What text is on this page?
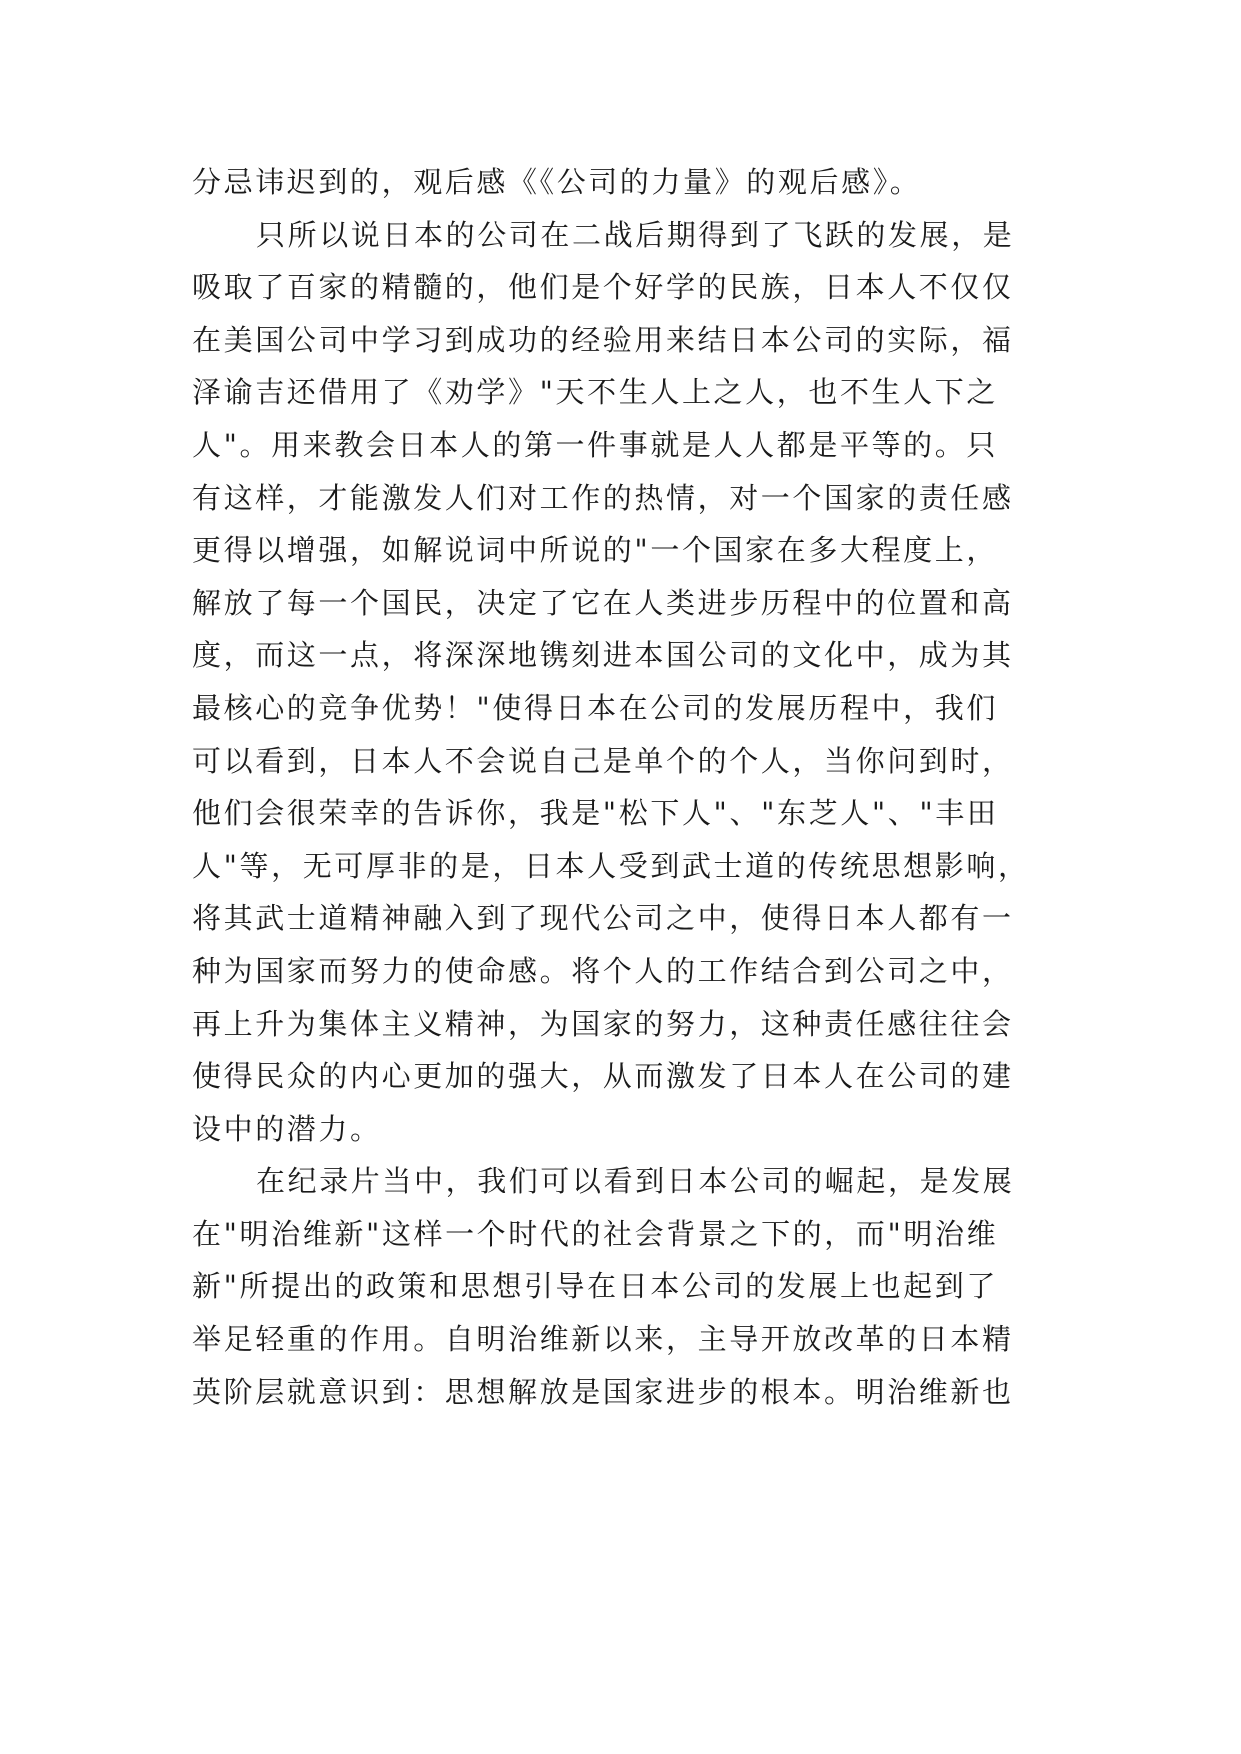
分忌讳迟到的，观后感《《公司的力量》的观后感》。
只所以说日本的公司在二战后期得到了飞跃的发展，是
吸取了百家的精髓的，他们是个好学的民族，日本人不仅仅
在美国公司中学习到成功的经验用来结日本公司的实际，福
泽谕吉还借用了《劝学》"天不生人上之人，也不生人下之
人"。用来教会日本人的第一件事就是人人都是平等的。只
有这样，才能激发人们对工作的热情，对一个国家的责任感
更得以增强，如解说词中所说的"一个国家在多大程度上，
解放了每一个国民，决定了它在人类进步历程中的位置和高
度，而这一点，将深深地镌刻进本国公司的文化中，成为其
最核心的竞争优势！"使得日本在公司的发展历程中，我们
可以看到，日本人不会说自己是单个的个人，当你问到时，
他们会很荣幸的告诉你，我是"松下人"、"东芝人"、"丰田
人"等，无可厚非的是，日本人受到武士道的传统思想影响，
将其武士道精神融入到了现代公司之中，使得日本人都有一
种为国家而努力的使命感。将个人的工作结合到公司之中，
再上升为集体主义精神，为国家的努力，这种责任感往往会
使得民众的内心更加的强大，从而激发了日本人在公司的建
设中的潜力。
在纪录片当中，我们可以看到日本公司的崛起，是发展
在"明治维新"这样一个时代的社会背景之下的，而"明治维
新"所提出的政策和思想引导在日本公司的发展上也起到了
举足轻重的作用。自明治维新以来，主导开放改革的日本精
英阶层就意识到：思想解放是国家进步的根本。明治维新也
